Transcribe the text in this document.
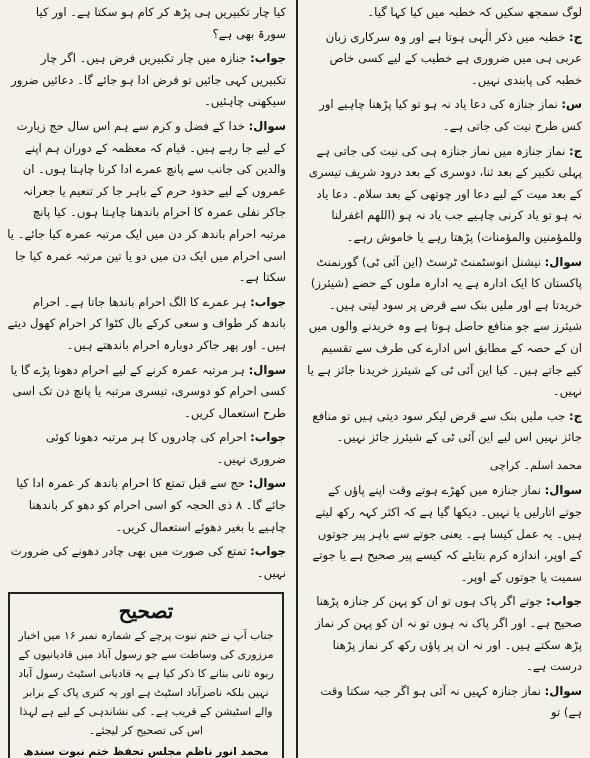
لوگ سمجھ سکیں کہ خطبہ میں کیا کہا گیا۔
ج: خطبہ میں ذکر الٰہی ہوتا ہے اور وہ سرکاری زبان عربی ہی میں ضروری ہے خطیب کے لیے کسی خاص خطبہ کی پابندی نہیں۔
س: نماز جنازہ کی دعا یاد نہ ہو تو کیا پڑھنا چاہیے اور کس طرح نیت کی جاتی ہے۔
ج: نماز جنازہ میں نماز جنازہ ہی کی نیت کی جاتی ہے پہلی تکبیر کے بعد ثنا، دوسری کے بعد درود شریف تیسری کے بعد میت کے لیے دعا اور چوتھی کے بعد سلام۔ دعا یاد نہ ہو تو یاد کرنی چاہیے جب یاد نہ ہو (اللھم اغفرلنا وللمؤمنین والمؤمنات) پڑھتا رہے یا خاموش رہے۔
سوال: نیشنل انوسٹمنٹ ٹرسٹ (این آئی ٹی) گورنمنٹ پاکستان کا ایک ادارہ ہے یہ ادارہ ملوں کے حصے (شیئرز) خریدتا ہے اور ملیں بنک سے قرض پر سود لیتی ہیں۔ شیئرز سے جو منافع حاصل ہوتا ہے وہ خریدنے والوں میں ان کے حصہ کے مطابق اس ادارے کی طرف سے تقسیم کیے جاتے ہیں۔ کیا این آئی ٹی کے شیئرز خریدنا جائز ہے یا نہیں۔
ج: جب ملیں بنک سے قرض لیکر سود دیتی ہیں تو منافع جائز نہیں اس لیے این آئی ٹی کے شیئرز جائز نہیں۔
محمد اسلم۔ کراچی
سوال: نماز جنازہ میں کھڑے ہوتے وقت اپنے پاؤں کے جوتے اتارلیں یا نہیں۔ دیکھا گیا ہے کہ اکثر کہہ رکھ لیتے ہیں۔ یہ عمل کیسا ہے۔ یعنی جوتے سے باہر پیر جوتوں کے اوپر، اندازہ کرم بتایئے کہ کیسے پیر صحیح ہے یا جوتے سمیت یا جوتوں کے اوپر۔
جواب: جوتے اگر پاک ہوں تو ان کو پہن کر جنازہ پڑھنا صحیح ہے۔ اور اگر پاک نہ ہوں تو نہ ان کو پہن کر نماز پڑھ سکتے ہیں۔ اور نہ ان پر پاؤں رکھ کر نماز پڑھنا درست ہے۔
سوال: نماز جنازہ کہیں نہ آئی ہو اگر جبہ سکتا وقت ہے) تو
کیا چار تکبیریں ہی پڑھ کر کام ہو سکتا ہے۔ اور کیا سورۃ بھی ہے؟
جواب: جنازہ میں چار تکبیریں فرض ہیں۔ اگر چار تکبیریں کہی جائیں تو فرض ادا ہو جائے گا۔ دعائیں ضرور سیکھنی چاہئیں۔
سوال: خدا کے فضل و کرم سے ہم اس سال حج زیارت کے لیے جا رہے ہیں۔ قیام کہ معظمہ کے دوران ہم اپنے والدین کی جانب سے پانچ عمرے ادا کرنا چاہتا ہوں۔ ان عمروں کے لیے حدود حرم کے باہر جا کر تنعیم یا جعرانہ جاکر نفلی عمرہ کا احرام باندھنا چاہتا ہوں۔ کیا پانچ مرتبہ احرام باندھ کر دن میں ایک مرتبہ عمرہ کیا جائے۔ یا اسی احرام میں ایک دن میں دو یا تین مرتبہ عمرہ کیا جا سکتا ہے۔
جواب: ہر عمرے کا الگ احرام باندھا جاتا ہے۔ احرام باندھ کر طواف و سعی کرکے بال کٹوا کر احرام کھول دیتے ہیں۔ اور پھر جاکر دوبارہ احرام باندھتے ہیں۔
سوال: ہر مرتبہ عمرہ کرنے کے لیے احرام دھونا پڑے گا یا کسی احرام کو دوسری، تیسری مرتبہ یا پانچ دن تک اسی طرح استعمال کریں۔
جواب: احرام کی چادروں کا ہر مرتبہ دھونا کوئی ضروری نہیں۔
سوال: حج سے قبل تمتع کا احرام باندھ کر عمرہ ادا کیا جائے گا۔ ۸ ذی الحجہ کو اسی احرام کو دھو کر باندھنا چاہیے یا بغیر دھوئے استعمال کریں۔
جواب: تمتع کی صورت میں بھی چادر دھونے کی ضرورت نہیں۔
تصحیح
جناب آپ نے ختم نبوت پرچے کے شمارہ نمبر ۱۶ میں اخبار مرزوری کی وساطت سے جو رسول آباد میں قادیانیوں کے ربوہ ثانی بنانے کا ذکر کیا ہے یہ قادیانی اسٹیٹ رسول آباد نہیں بلکہ ناصرآباد اسٹیٹ ہے اور یہ کنری پاک کے برابر والے اسٹیشن کے قریب ہے۔ کی نشاندہی کے لیے ہے لہذا اس کی تصحیح کر لیجئے۔
محمد انور ناظم مجلس تحفظ ختم نبوت سندھ
